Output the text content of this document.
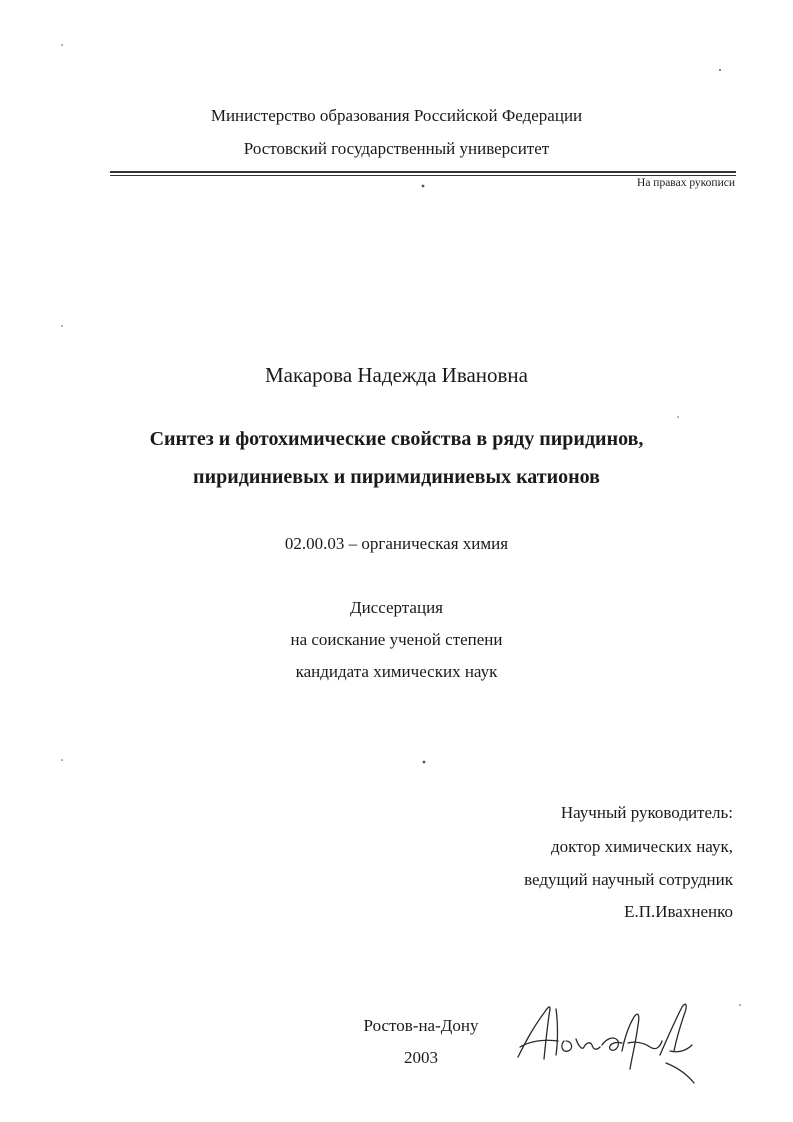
Министерство образования Российской Федерации
Ростовский государственный университет
На правах рукописи
Макарова Надежда Ивановна
Синтез и фотохимические свойства в ряду пиридинов,
пиридиниевых и пиримидиниевых катионов
02.00.03 – органическая химия
Диссертация
на соискание ученой степени
кандидата химических наук
Научный руководитель:
доктор химических наук,
ведущий научный сотрудник
Е.П.Ивахненко
Ростов-на-Дону
2003
